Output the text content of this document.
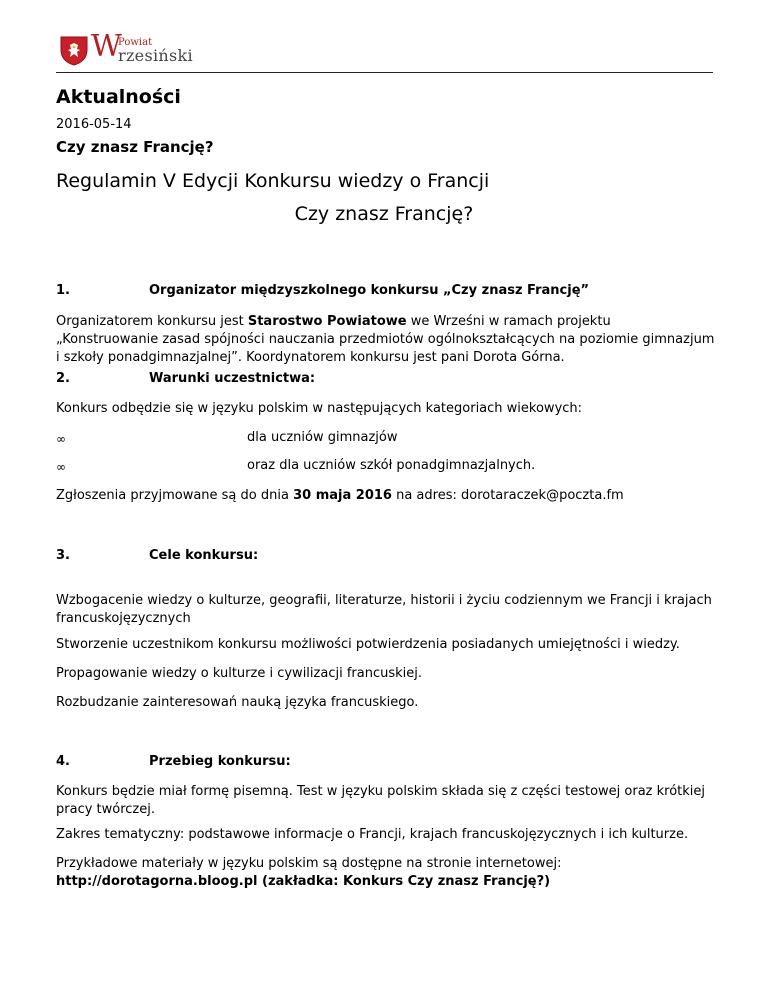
W
Powiat
rzesiński
Aktualności
2016-05-14
Czy znasz Francję?
Regulamin V Edycji Konkursu wiedzy o Francji
Czy znasz Francję?
1.	Organizator międzyszkolnego konkursu „Czy znasz Francję”

Organizatorem konkursu jest Starostwo Powiatowe we Wrześni w ramach projektu „Konstruowanie zasad spójności nauczania przedmiotów ogólnokształcących na poziomie gimnazjum i szkoły ponadgimnazjalnej”. Koordynatorem konkursu jest pani Dorota Górna.

2.	Warunki uczestnictwa:

Konkurs odbędzie się w języku polskim w następujących kategoriach wiekowych:

∞	dla uczniów gimnazjów
∞	oraz dla uczniów szkół ponadgimnazjalnych.

Zgłoszenia przyjmowane są do dnia 30 maja 2016 na adres: dorotaraczek@poczta.fm

3.	Cele konkursu:

Wzbogacenie wiedzy o kulturze, geografii, literaturze, historii i życiu codziennym we Francji i krajach francuskojęzycznych

Stworzenie uczestnikom konkursu możliwości potwierdzenia posiadanych umiejętności i wiedzy.

Propagowanie wiedzy o kulturze i cywilizacji francuskiej.

Rozbudzanie zainteresowań nauką języka francuskiego.

4.	Przebieg konkursu:

Konkurs będzie miał formę pisemną. Test w języku polskim składa się z części testowej oraz krótkiej pracy twórczej.

Zakres tematyczny: podstawowe informacje o Francji, krajach francuskojęzycznych i ich kulturze.

Przykładowe materiały w języku polskim są dostępne na stronie internetowej:
http://dorotagorna.bloog.pl (zakładka: Konkurs Czy znasz Francję?)
